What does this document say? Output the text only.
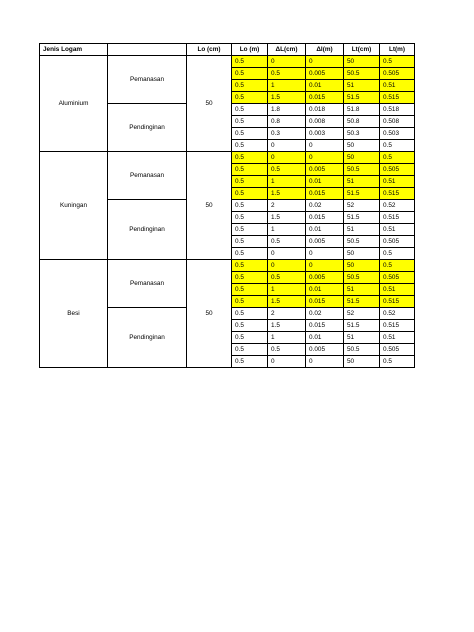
Jenis Logam		Lo (cm)	Lo (m)	ΔL(cm)	Δl(m)	Lt(cm)	Lt(m)
Aluminium	Pemanasan	50	0.5	0	0	50	0.5
			0.5	0.5	0.005	50.5	0.505
			0.5	1	0.01	51	0.51
			0.5	1.5	0.015	51.5	0.515
	Pendinginan		0.5	1.8	0.018	51.8	0.518
			0.5	0.8	0.008	50.8	0.508
			0.5	0.3	0.003	50.3	0.503
			0.5	0	0	50	0.5
Kuningan	Pemanasan	50	0.5	0	0	50	0.5
			0.5	0.5	0.005	50.5	0.505
			0.5	1	0.01	51	0.51
			0.5	1.5	0.015	51.5	0.515
	Pendinginan		0.5	2	0.02	52	0.52
			0.5	1.5	0.015	51.5	0.515
			0.5	1	0.01	51	0.51
			0.5	0.5	0.005	50.5	0.505
			0.5	0	0	50	0.5
Besi	Pemanasan	50	0.5	0	0	50	0.5
			0.5	0.5	0.005	50.5	0.505
			0.5	1	0.01	51	0.51
			0.5	1.5	0.015	51.5	0.515
	Pendinginan		0.5	2	0.02	52	0.52
			0.5	1.5	0.015	51.5	0.515
			0.5	1	0.01	51	0.51
			0.5	0.5	0.005	50.5	0.505
			0.5	0	0	50	0.5
